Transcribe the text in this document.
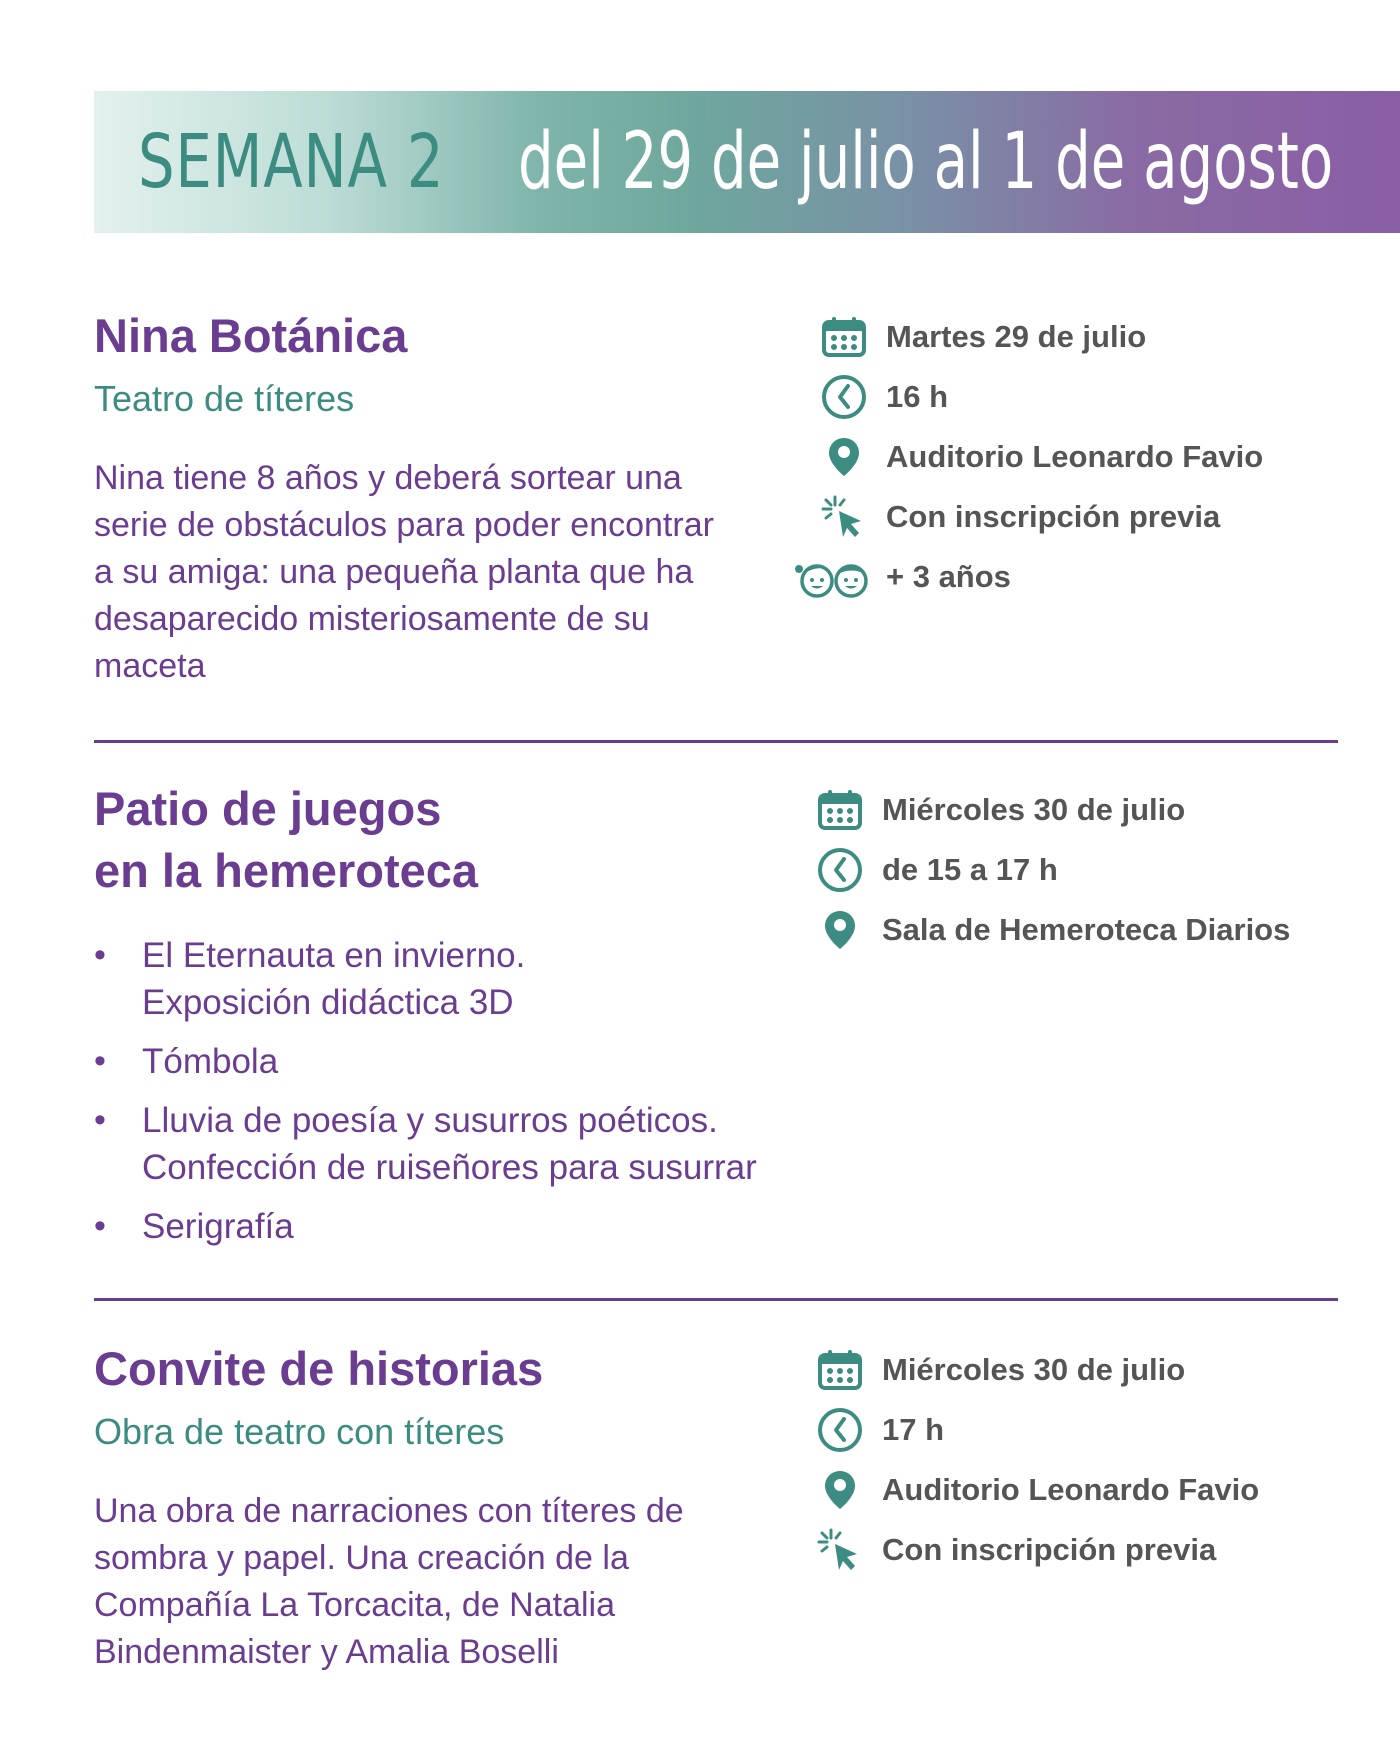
SEMANA 2 del 29 de julio al 1 de agosto
Nina Botánica
Teatro de títeres
Nina tiene 8 años y deberá sortear una serie de obstáculos para poder encontrar a su amiga: una pequeña planta que ha desaparecido misteriosamente de su maceta
Martes 29 de julio
16 h
Auditorio Leonardo Favio
Con inscripción previa
+ 3 años
Patio de juegos
en la hemeroteca
• El Eternauta en invierno.
Exposición didáctica 3D
• Tómbola
• Lluvia de poesía y susurros poéticos.
Confección de ruiseñores para susurrar
• Serigrafía
Miércoles 30 de julio
de 15 a 17 h
Sala de Hemeroteca Diarios
Convite de historias
Obra de teatro con títeres
Una obra de narraciones con títeres de sombra y papel. Una creación de la Compañía La Torcacita, de Natalia Bindenmaister y Amalia Boselli
Miércoles 30 de julio
17 h
Auditorio Leonardo Favio
Con inscripción previa
